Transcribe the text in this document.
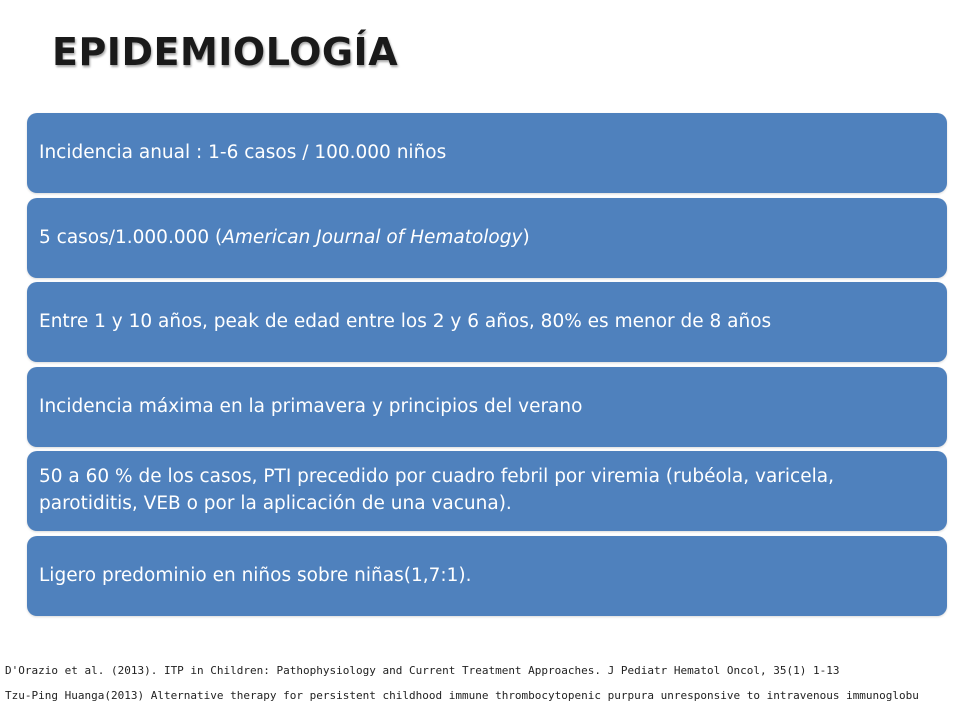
EPIDEMIOLOGÍA
Incidencia anual : 1-6 casos / 100.000 niños
5 casos/1.000.000 (American Journal of Hematology)
Entre 1 y 10 años, peak de edad entre los 2 y 6 años, 80% es menor de 8 años
Incidencia máxima en la primavera y principios del verano
50 a 60 % de los casos, PTI precedido por cuadro febril por viremia (rubéola, varicela, parotiditis, VEB o por la aplicación de una vacuna).
Ligero predominio en niños sobre niñas(1,7:1).
D'Orazio et al. (2013). ITP in Children: Pathophysiology and Current Treatment Approaches. J Pediatr Hematol Oncol, 35(1) 1-13
Tzu-Ping Huanga(2013) Alternative therapy for persistent childhood immune thrombocytopenic purpura unresponsive to intravenous immunoglobu
